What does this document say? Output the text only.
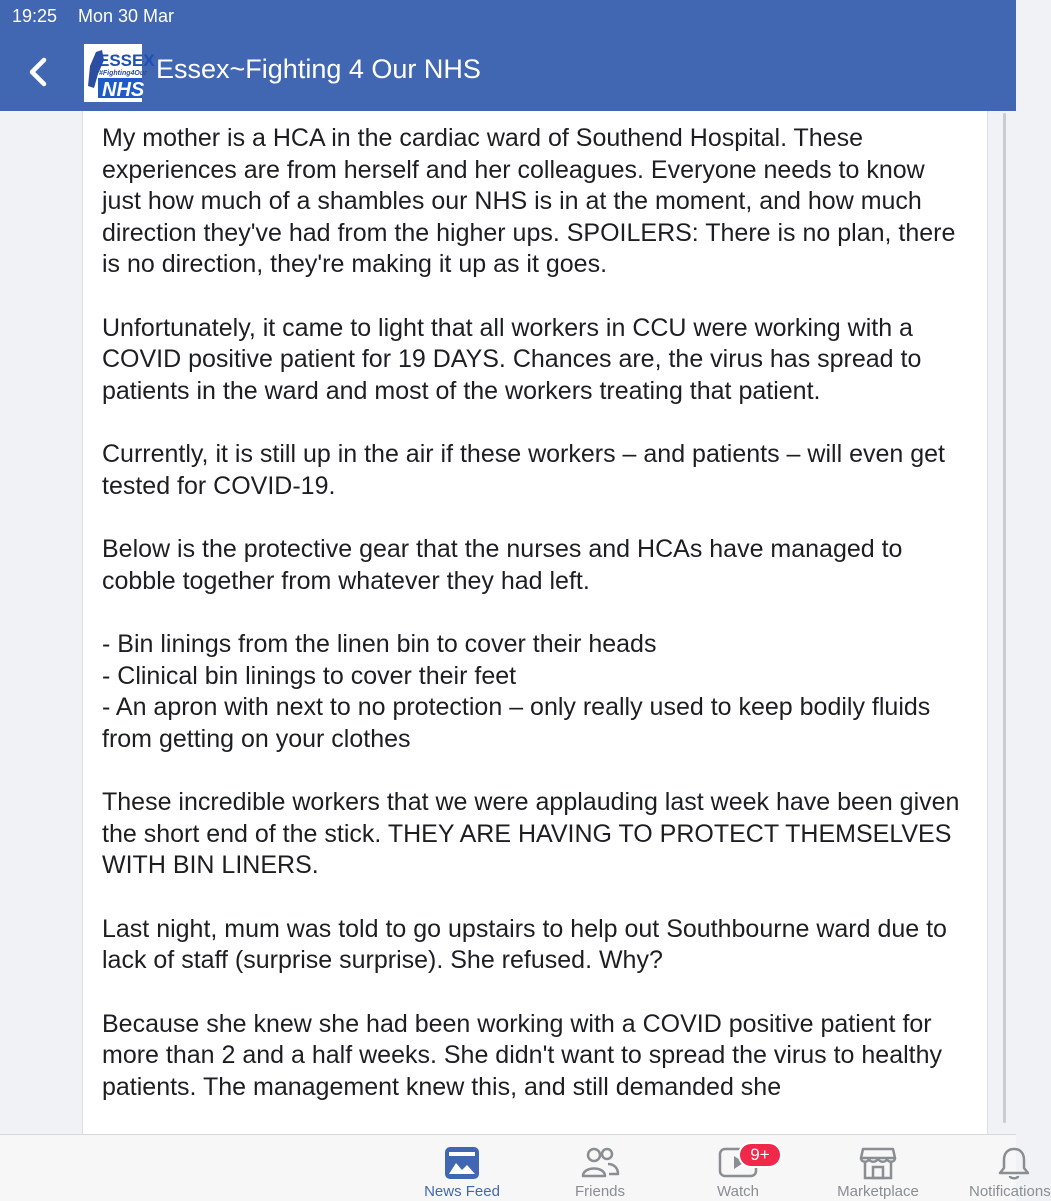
19:25 Mon 30 Mar
ESSEX
#Fighting4Our
NHS
Essex~Fighting 4 Our NHS

My mother is a HCA in the cardiac ward of Southend Hospital. These experiences are from herself and her colleagues. Everyone needs to know just how much of a shambles our NHS is in at the moment, and how much direction they've had from the higher ups. SPOILERS: There is no plan, there is no direction, they're making it up as it goes.

Unfortunately, it came to light that all workers in CCU were working with a COVID positive patient for 19 DAYS. Chances are, the virus has spread to patients in the ward and most of the workers treating that patient.

Currently, it is still up in the air if these workers – and patients – will even get tested for COVID-19.

Below is the protective gear that the nurses and HCAs have managed to cobble together from whatever they had left.

- Bin linings from the linen bin to cover their heads
- Clinical bin linings to cover their feet
- An apron with next to no protection – only really used to keep bodily fluids from getting on your clothes

These incredible workers that we were applauding last week have been given the short end of the stick. THEY ARE HAVING TO PROTECT THEMSELVES WITH BIN LINERS.

Last night, mum was told to go upstairs to help out Southbourne ward due to lack of staff (surprise surprise). She refused. Why?

Because she knew she had been working with a COVID positive patient for more than 2 and a half weeks. She didn't want to spread the virus to healthy patients. The management knew this, and still demanded she

News Feed	Friends	Watch	Marketplace	Notifications
9+
